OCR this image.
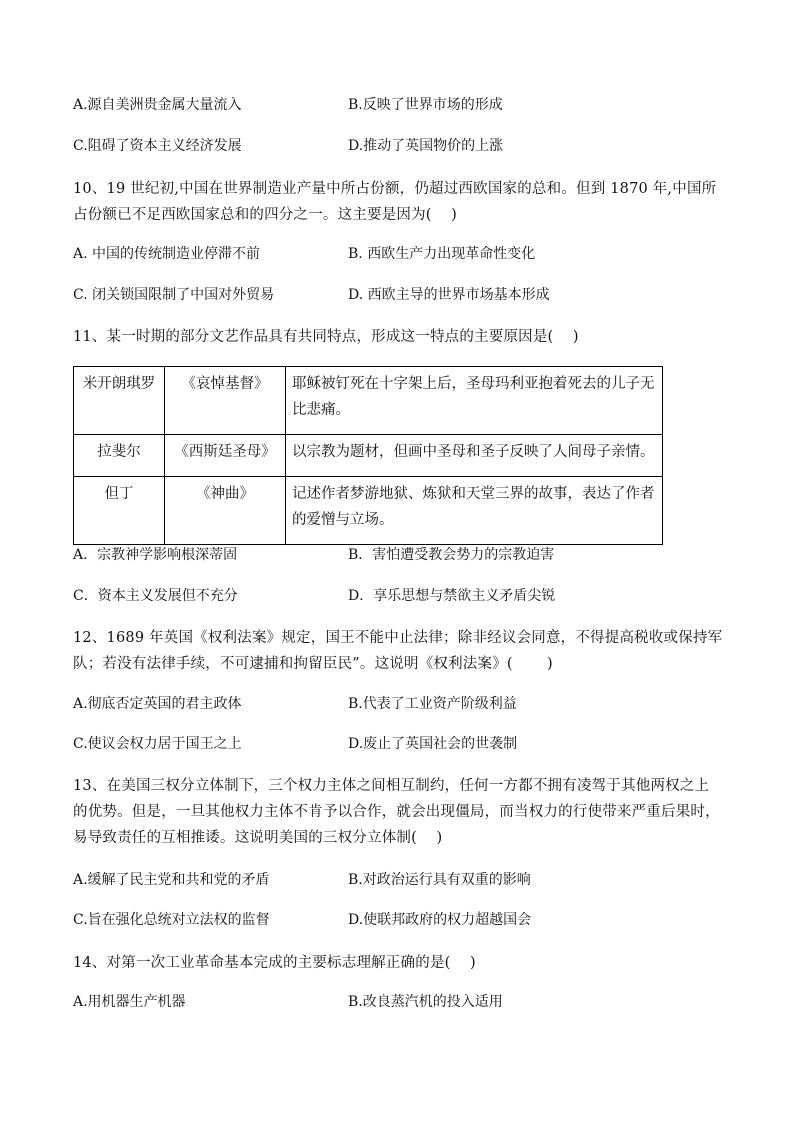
A.源自美洲贵金属大量流入	B.反映了世界市场的形成
C.阻碍了资本主义经济发展	D.推动了英国物价的上涨
10、19 世纪初,中国在世界制造业产量中所占份额，仍超过西欧国家的总和。但到 1870 年,中国所占份额已不足西欧国家总和的四分之一。这主要是因为(　 )
A. 中国的传统制造业停滞不前	B. 西欧生产力出现革命性变化
C. 闭关锁国限制了中国对外贸易	D. 西欧主导的世界市场基本形成
11、某一时期的部分文艺作品具有共同特点，形成这一特点的主要原因是(　 )
米开朗琪罗	《哀悼基督》	耶稣被钉死在十字架上后，圣母玛利亚抱着死去的儿子无比悲痛。
拉斐尔	《西斯廷圣母》	以宗教为题材，但画中圣母和圣子反映了人间母子亲情。
但丁	《神曲》	记述作者梦游地狱、炼狱和天堂三界的故事，表达了作者的爱憎与立场。
A．宗教神学影响根深蒂固	B．害怕遭受教会势力的宗教迫害
C．资本主义发展但不充分	D．享乐思想与禁欲主义矛盾尖锐
12、1689 年英国《权利法案》规定，国王不能中止法律；除非经议会同意，不得提高税收或保持军队；若没有法律手续，不可逮捕和拘留臣民”。这说明《权利法案》(　 　)
A.彻底否定英国的君主政体	B.代表了工业资产阶级利益
C.使议会权力居于国王之上	D.废止了英国社会的世袭制
13、在美国三权分立体制下，三个权力主体之间相互制约，任何一方都不拥有凌驾于其他两权之上的优势。但是，一旦其他权力主体不肯予以合作，就会出现僵局，而当权力的行使带来严重后果时，易导致责任的互相推诿。这说明美国的三权分立体制(　 )
A.缓解了民主党和共和党的矛盾	B.对政治运行具有双重的影响
C.旨在强化总统对立法权的监督	D.使联邦政府的权力超越国会
14、对第一次工业革命基本完成的主要标志理解正确的是(　 )
A.用机器生产机器	B.改良蒸汽机的投入适用
